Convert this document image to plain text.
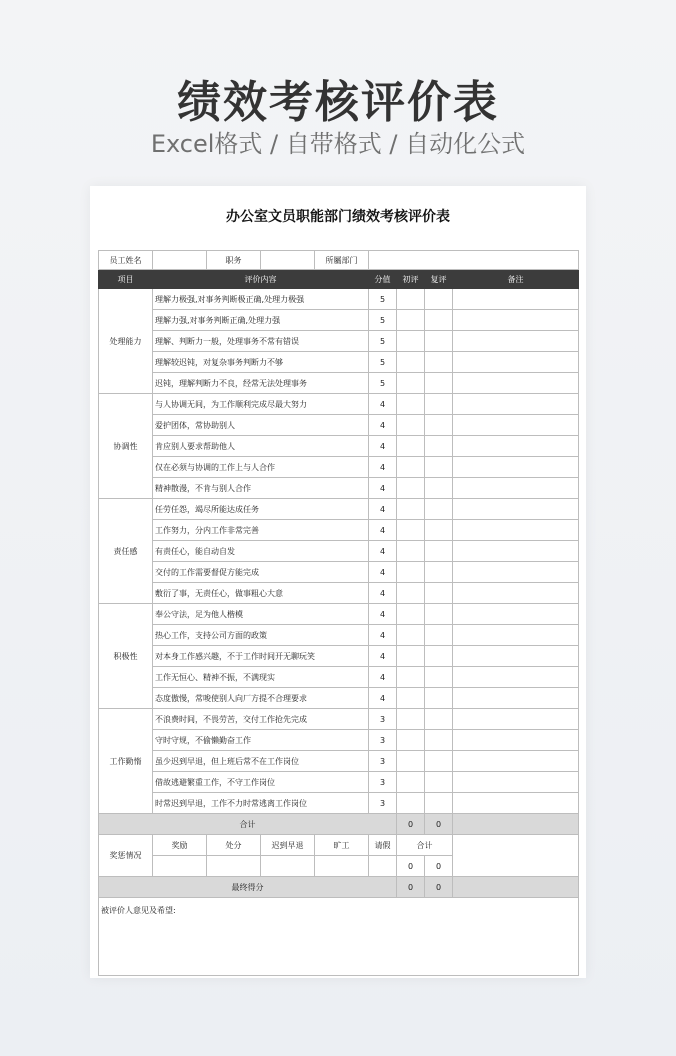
绩效考核评价表
Excel格式 / 自带格式 / 自动化公式
办公室文员职能部门绩效考核评价表
员工姓名		职务		所屬部门				
项目	评价内容				分值	初评	复评	备注
处理能力	理解力极强,对事务判断极正确,处理力极强				5			
	理解力强,对事务判断正确,处理力强				5			
	理解、判断力一般，处理事务不常有错误				5			
	理解较迟钝，对复杂事务判断力不够				5			
	迟钝，理解判断力不良，经常无法处理事务				5			
协调性	与人协调无间，为工作顺利完成尽最大努力				4			
	爱护团体，常协助别人				4			
	肯应别人要求帮助他人				4			
	仅在必须与协调的工作上与人合作				4			
	精神散漫，不肯与别人合作				4			
责任感	任劳任怨，竭尽所能达成任务				4			
	工作努力，分内工作非常完善				4			
	有责任心，能自动自发				4			
	交付的工作需要督促方能完成				4			
	敷衍了事，无责任心，做事粗心大意				4			
积极性	奉公守法，足为他人楷模				4			
	热心工作，支持公司方面的政策				4			
	对本身工作感兴趣，不于工作时间开无聊玩笑				4			
	工作无恒心、精神不振，不满现实				4			
	态度傲慢，常唆使别人向厂方提不合理要求				4			
工作勤惰	不浪费时间，不畏劳苦，交付工作抢先完成				3			
	守时守规，不偷懒勤奋工作				3			
	虽少迟到早退，但上班后常不在工作岗位				3			
	借故逃避繁重工作，不守工作岗位				3			
	时常迟到早退，工作不力时常逃离工作岗位				3			
合计						0	0	
奖惩情况	奖励	处分	迟到早退	旷工	请假	合计		
						0	0	
最终得分						0	0	
被评价人意见及希望:								
